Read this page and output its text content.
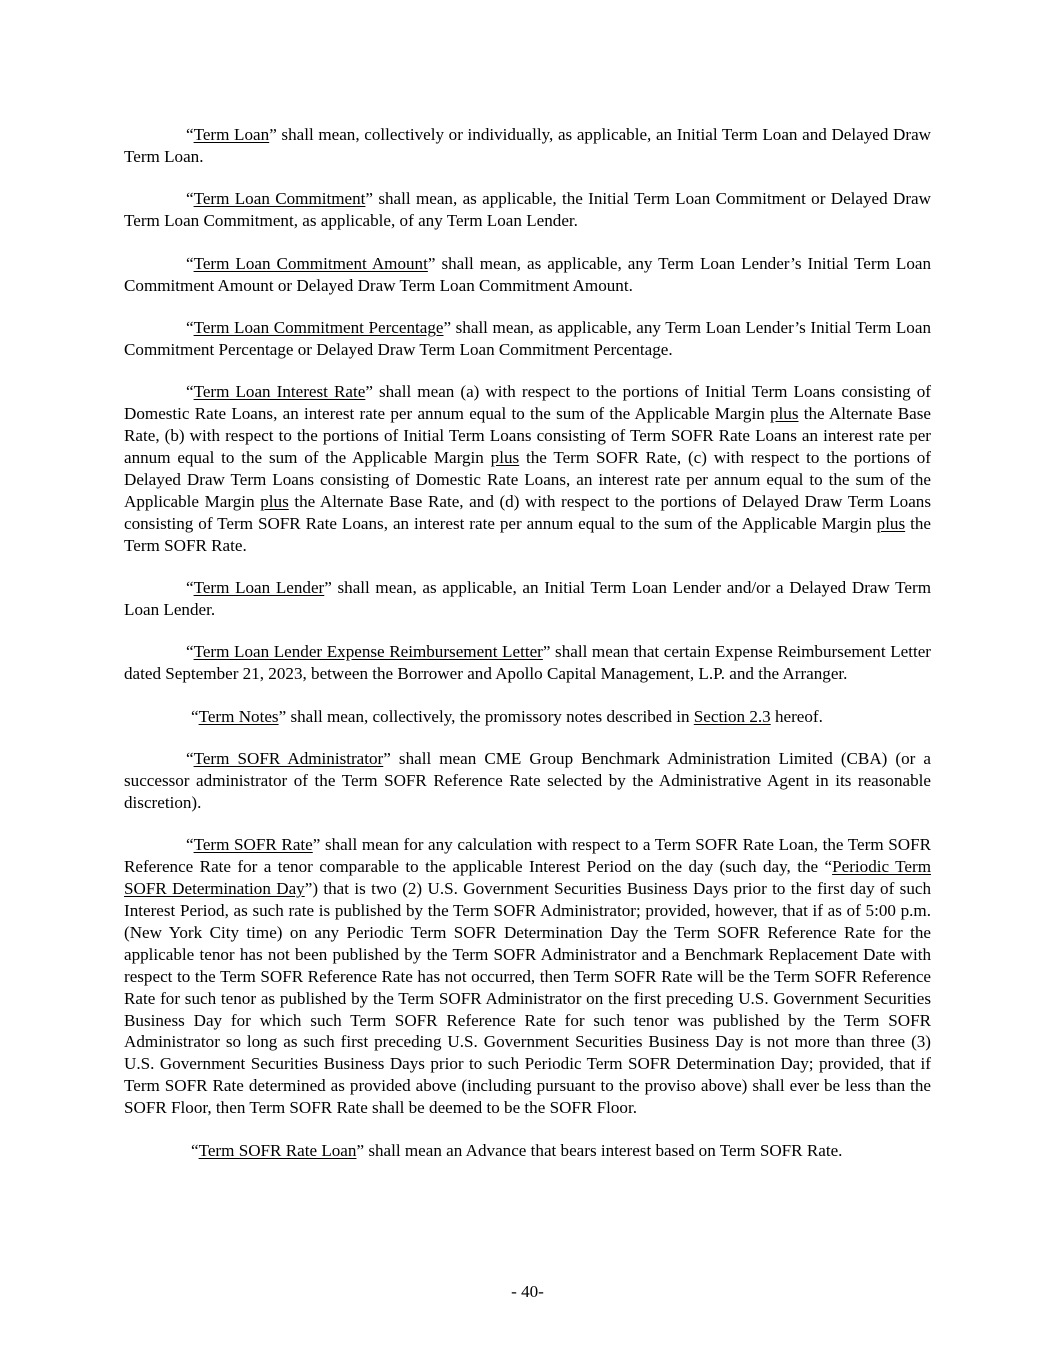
“Term Loan” shall mean, collectively or individually, as applicable, an Initial Term Loan and Delayed Draw Term Loan.

“Term Loan Commitment” shall mean, as applicable, the Initial Term Loan Commitment or Delayed Draw Term Loan Commitment, as applicable, of any Term Loan Lender.

“Term Loan Commitment Amount” shall mean, as applicable, any Term Loan Lender’s Initial Term Loan Commitment Amount or Delayed Draw Term Loan Commitment Amount.

“Term Loan Commitment Percentage” shall mean, as applicable, any Term Loan Lender’s Initial Term Loan Commitment Percentage or Delayed Draw Term Loan Commitment Percentage.

“Term Loan Interest Rate” shall mean (a) with respect to the portions of Initial Term Loans consisting of Domestic Rate Loans, an interest rate per annum equal to the sum of the Applicable Margin plus the Alternate Base Rate, (b) with respect to the portions of Initial Term Loans consisting of Term SOFR Rate Loans an interest rate per annum equal to the sum of the Applicable Margin plus the Term SOFR Rate, (c) with respect to the portions of Delayed Draw Term Loans consisting of Domestic Rate Loans, an interest rate per annum equal to the sum of the Applicable Margin plus the Alternate Base Rate, and (d) with respect to the portions of Delayed Draw Term Loans consisting of Term SOFR Rate Loans, an interest rate per annum equal to the sum of the Applicable Margin plus the Term SOFR Rate.

“Term Loan Lender” shall mean, as applicable, an Initial Term Loan Lender and/or a Delayed Draw Term Loan Lender.

“Term Loan Lender Expense Reimbursement Letter” shall mean that certain Expense Reimbursement Letter dated September 21, 2023, between the Borrower and Apollo Capital Management, L.P. and the Arranger.

“Term Notes” shall mean, collectively, the promissory notes described in Section 2.3 hereof.

“Term SOFR Administrator” shall mean CME Group Benchmark Administration Limited (CBA) (or a successor administrator of the Term SOFR Reference Rate selected by the Administrative Agent in its reasonable discretion).

“Term SOFR Rate” shall mean for any calculation with respect to a Term SOFR Rate Loan, the Term SOFR Reference Rate for a tenor comparable to the applicable Interest Period on the day (such day, the “Periodic Term SOFR Determination Day”) that is two (2) U.S. Government Securities Business Days prior to the first day of such Interest Period, as such rate is published by the Term SOFR Administrator; provided, however, that if as of 5:00 p.m. (New York City time) on any Periodic Term SOFR Determination Day the Term SOFR Reference Rate for the applicable tenor has not been published by the Term SOFR Administrator and a Benchmark Replacement Date with respect to the Term SOFR Reference Rate has not occurred, then Term SOFR Rate will be the Term SOFR Reference Rate for such tenor as published by the Term SOFR Administrator on the first preceding U.S. Government Securities Business Day for which such Term SOFR Reference Rate for such tenor was published by the Term SOFR Administrator so long as such first preceding U.S. Government Securities Business Day is not more than three (3) U.S. Government Securities Business Days prior to such Periodic Term SOFR Determination Day; provided, that if Term SOFR Rate determined as provided above (including pursuant to the proviso above) shall ever be less than the SOFR Floor, then Term SOFR Rate shall be deemed to be the SOFR Floor.

“Term SOFR Rate Loan” shall mean an Advance that bears interest based on Term SOFR Rate.

- 40-
